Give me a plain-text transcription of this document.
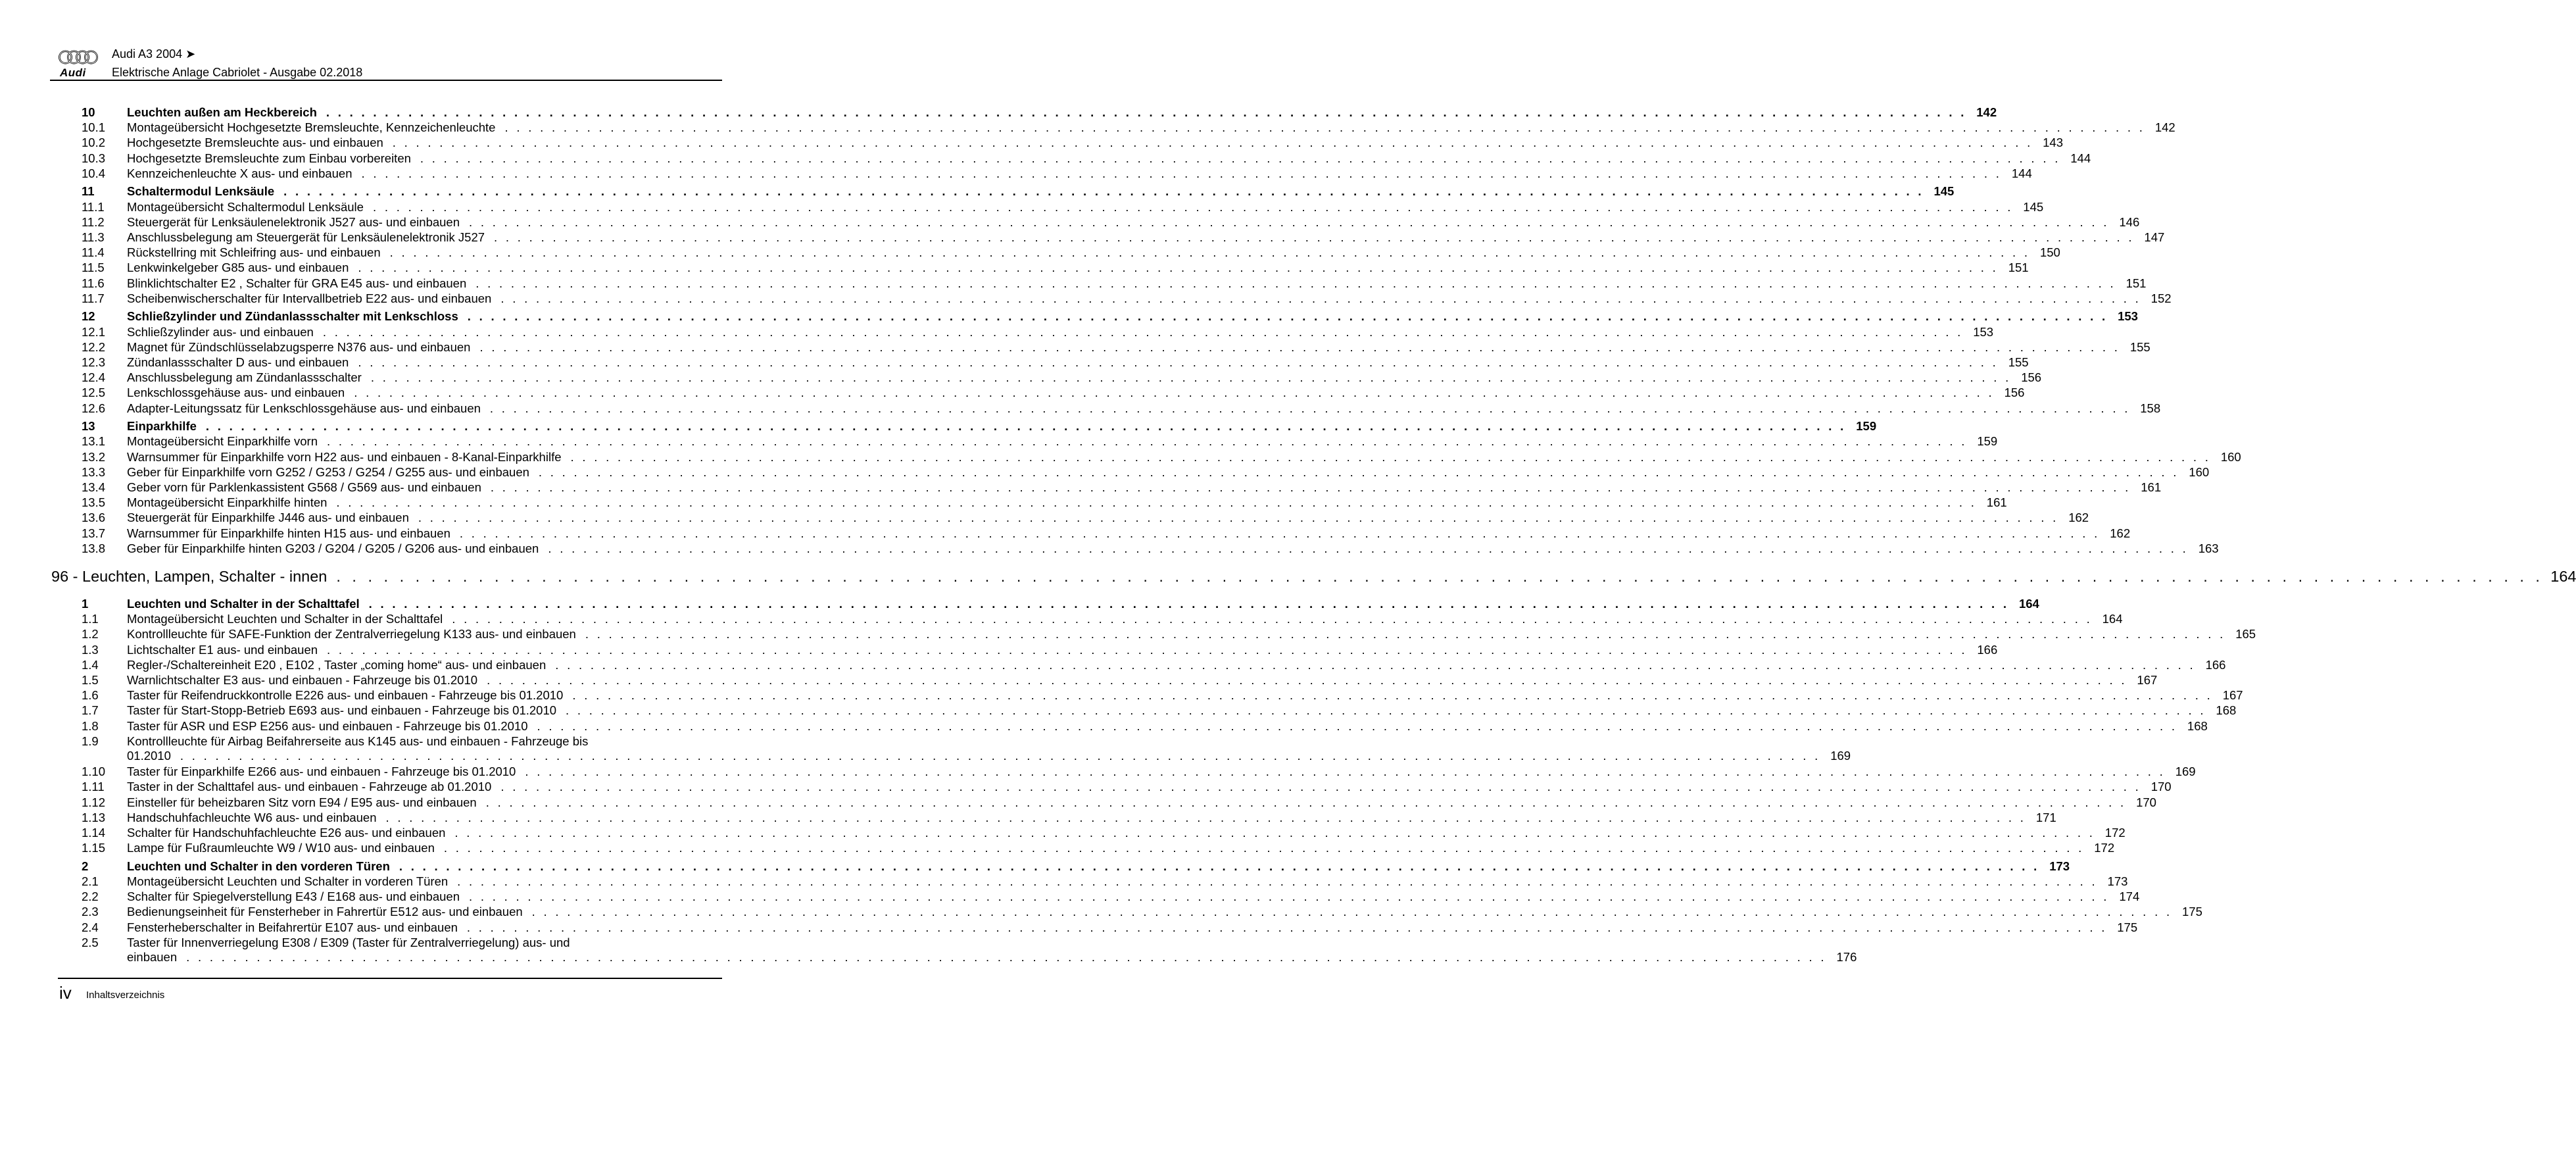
Audi
Audi A3 2004 ➤
Elektrische Anlage Cabriolet - Ausgabe 02.2018
10	Leuchten außen am Heckbereich . . . . . . . . . . . . . . . . . . . . . . . . . . . . . . . . . . . . . . . . . . . . . . . . . . . . . . . . . . . . . . . . . . . . . . . . . . . . . . . . . . . . . . . . . . . . . . . . . . . . . . . . . . . . . . . . . . . . . . . . . . . . . . . . . . . . . . . . . . . . 142
10.1	Montageübersicht Hochgesetzte Bremsleuchte, Kennzeichenleuchte . . . . . . . . . . . . . . . . . . . . . . . . . . . . . . . . . . . . . . . . . . . . . . . . . . . . . . . . . . . . . . . . . . . . . . . . . . . . . . . . . . . . . . . . . . . . . . . . . . . . . . . . . . . . . . . . . . . . . . . . . . . . . . . . . . . . . . . . . . . . 142
10.2	Hochgesetzte Bremsleuchte aus- und einbauen . . . . . . . . . . . . . . . . . . . . . . . . . . . . . . . . . . . . . . . . . . . . . . . . . . . . . . . . . . . . . . . . . . . . . . . . . . . . . . . . . . . . . . . . . . . . . . . . . . . . . . . . . . . . . . . . . . . . . . . . . . . . . . . . . . . . . . . . . . . . 143
10.3	Hochgesetzte Bremsleuchte zum Einbau vorbereiten . . . . . . . . . . . . . . . . . . . . . . . . . . . . . . . . . . . . . . . . . . . . . . . . . . . . . . . . . . . . . . . . . . . . . . . . . . . . . . . . . . . . . . . . . . . . . . . . . . . . . . . . . . . . . . . . . . . . . . . . . . . . . . . . . . . . . . . . . . . . 144
10.4	Kennzeichenleuchte X aus- und einbauen . . . . . . . . . . . . . . . . . . . . . . . . . . . . . . . . . . . . . . . . . . . . . . . . . . . . . . . . . . . . . . . . . . . . . . . . . . . . . . . . . . . . . . . . . . . . . . . . . . . . . . . . . . . . . . . . . . . . . . . . . . . . . . . . . . . . . . . . . . . . 144
11	Schaltermodul Lenksäule . . . . . . . . . . . . . . . . . . . . . . . . . . . . . . . . . . . . . . . . . . . . . . . . . . . . . . . . . . . . . . . . . . . . . . . . . . . . . . . . . . . . . . . . . . . . . . . . . . . . . . . . . . . . . . . . . . . . . . . . . . . . . . . . . . . . . . . . . . . . 145
11.1	Montageübersicht Schaltermodul Lenksäule . . . . . . . . . . . . . . . . . . . . . . . . . . . . . . . . . . . . . . . . . . . . . . . . . . . . . . . . . . . . . . . . . . . . . . . . . . . . . . . . . . . . . . . . . . . . . . . . . . . . . . . . . . . . . . . . . . . . . . . . . . . . . . . . . . . . . . . . . . . . 145
11.2	Steuergerät für Lenksäulenelektronik J527 aus- und einbauen . . . . . . . . . . . . . . . . . . . . . . . . . . . . . . . . . . . . . . . . . . . . . . . . . . . . . . . . . . . . . . . . . . . . . . . . . . . . . . . . . . . . . . . . . . . . . . . . . . . . . . . . . . . . . . . . . . . . . . . . . . . . . . . . . . . . . . . . . . . . 146
11.3	Anschlussbelegung am Steuergerät für Lenksäulenelektronik J527 . . . . . . . . . . . . . . . . . . . . . . . . . . . . . . . . . . . . . . . . . . . . . . . . . . . . . . . . . . . . . . . . . . . . . . . . . . . . . . . . . . . . . . . . . . . . . . . . . . . . . . . . . . . . . . . . . . . . . . . . . . . . . . . . . . . . . . . . . . . . 147
11.4	Rückstellring mit Schleifring aus- und einbauen . . . . . . . . . . . . . . . . . . . . . . . . . . . . . . . . . . . . . . . . . . . . . . . . . . . . . . . . . . . . . . . . . . . . . . . . . . . . . . . . . . . . . . . . . . . . . . . . . . . . . . . . . . . . . . . . . . . . . . . . . . . . . . . . . . . . . . . . . . . . 150
11.5	Lenkwinkelgeber G85 aus- und einbauen . . . . . . . . . . . . . . . . . . . . . . . . . . . . . . . . . . . . . . . . . . . . . . . . . . . . . . . . . . . . . . . . . . . . . . . . . . . . . . . . . . . . . . . . . . . . . . . . . . . . . . . . . . . . . . . . . . . . . . . . . . . . . . . . . . . . . . . . . . . . 151
11.6	Blinklichtschalter E2 , Schalter für GRA E45 aus- und einbauen . . . . . . . . . . . . . . . . . . . . . . . . . . . . . . . . . . . . . . . . . . . . . . . . . . . . . . . . . . . . . . . . . . . . . . . . . . . . . . . . . . . . . . . . . . . . . . . . . . . . . . . . . . . . . . . . . . . . . . . . . . . . . . . . . . . . . . . . . . . . 151
11.7	Scheibenwischerschalter für Intervallbetrieb E22 aus- und einbauen . . . . . . . . . . . . . . . . . . . . . . . . . . . . . . . . . . . . . . . . . . . . . . . . . . . . . . . . . . . . . . . . . . . . . . . . . . . . . . . . . . . . . . . . . . . . . . . . . . . . . . . . . . . . . . . . . . . . . . . . . . . . . . . . . . . . . . . . . . . . 152
12	Schließzylinder und Zündanlassschalter mit Lenkschloss . . . . . . . . . . . . . . . . . . . . . . . . . . . . . . . . . . . . . . . . . . . . . . . . . . . . . . . . . . . . . . . . . . . . . . . . . . . . . . . . . . . . . . . . . . . . . . . . . . . . . . . . . . . . . . . . . . . . . . . . . . . . . . . . . . . . . . . . . . . . 153
12.1	Schließzylinder aus- und einbauen . . . . . . . . . . . . . . . . . . . . . . . . . . . . . . . . . . . . . . . . . . . . . . . . . . . . . . . . . . . . . . . . . . . . . . . . . . . . . . . . . . . . . . . . . . . . . . . . . . . . . . . . . . . . . . . . . . . . . . . . . . . . . . . . . . . . . . . . . . . . 153
12.2	Magnet für Zündschlüsselabzugsperre N376 aus- und einbauen . . . . . . . . . . . . . . . . . . . . . . . . . . . . . . . . . . . . . . . . . . . . . . . . . . . . . . . . . . . . . . . . . . . . . . . . . . . . . . . . . . . . . . . . . . . . . . . . . . . . . . . . . . . . . . . . . . . . . . . . . . . . . . . . . . . . . . . . . . . . 155
12.3	Zündanlassschalter D aus- und einbauen . . . . . . . . . . . . . . . . . . . . . . . . . . . . . . . . . . . . . . . . . . . . . . . . . . . . . . . . . . . . . . . . . . . . . . . . . . . . . . . . . . . . . . . . . . . . . . . . . . . . . . . . . . . . . . . . . . . . . . . . . . . . . . . . . . . . . . . . . . . . 155
12.4	Anschlussbelegung am Zündanlassschalter . . . . . . . . . . . . . . . . . . . . . . . . . . . . . . . . . . . . . . . . . . . . . . . . . . . . . . . . . . . . . . . . . . . . . . . . . . . . . . . . . . . . . . . . . . . . . . . . . . . . . . . . . . . . . . . . . . . . . . . . . . . . . . . . . . . . . . . . . . . . 156
12.5	Lenkschlossgehäuse aus- und einbauen . . . . . . . . . . . . . . . . . . . . . . . . . . . . . . . . . . . . . . . . . . . . . . . . . . . . . . . . . . . . . . . . . . . . . . . . . . . . . . . . . . . . . . . . . . . . . . . . . . . . . . . . . . . . . . . . . . . . . . . . . . . . . . . . . . . . . . . . . . . . 156
12.6	Adapter-Leitungssatz für Lenkschlossgehäuse aus- und einbauen . . . . . . . . . . . . . . . . . . . . . . . . . . . . . . . . . . . . . . . . . . . . . . . . . . . . . . . . . . . . . . . . . . . . . . . . . . . . . . . . . . . . . . . . . . . . . . . . . . . . . . . . . . . . . . . . . . . . . . . . . . . . . . . . . . . . . . . . . . . . 158
13	Einparkhilfe . . . . . . . . . . . . . . . . . . . . . . . . . . . . . . . . . . . . . . . . . . . . . . . . . . . . . . . . . . . . . . . . . . . . . . . . . . . . . . . . . . . . . . . . . . . . . . . . . . . . . . . . . . . . . . . . . . . . . . . . . . . . . . . . . . . . . . . . . . . . 159
13.1	Montageübersicht Einparkhilfe vorn . . . . . . . . . . . . . . . . . . . . . . . . . . . . . . . . . . . . . . . . . . . . . . . . . . . . . . . . . . . . . . . . . . . . . . . . . . . . . . . . . . . . . . . . . . . . . . . . . . . . . . . . . . . . . . . . . . . . . . . . . . . . . . . . . . . . . . . . . . . . 159
13.2	Warnsummer für Einparkhilfe vorn H22 aus- und einbauen - 8-Kanal-Einparkhilfe . . . . . . . . . . . . . . . . . . . . . . . . . . . . . . . . . . . . . . . . . . . . . . . . . . . . . . . . . . . . . . . . . . . . . . . . . . . . . . . . . . . . . . . . . . . . . . . . . . . . . . . . . . . . . . . . . . . . . . . . . . . . . . . . . . . . . . . . . . . . 160
13.3	Geber für Einparkhilfe vorn G252 / G253 / G254 / G255 aus- und einbauen . . . . . . . . . . . . . . . . . . . . . . . . . . . . . . . . . . . . . . . . . . . . . . . . . . . . . . . . . . . . . . . . . . . . . . . . . . . . . . . . . . . . . . . . . . . . . . . . . . . . . . . . . . . . . . . . . . . . . . . . . . . . . . . . . . . . . . . . . . . . 160
13.4	Geber vorn für Parklenkassistent G568 / G569 aus- und einbauen . . . . . . . . . . . . . . . . . . . . . . . . . . . . . . . . . . . . . . . . . . . . . . . . . . . . . . . . . . . . . . . . . . . . . . . . . . . . . . . . . . . . . . . . . . . . . . . . . . . . . . . . . . . . . . . . . . . . . . . . . . . . . . . . . . . . . . . . . . . . 161
13.5	Montageübersicht Einparkhilfe hinten . . . . . . . . . . . . . . . . . . . . . . . . . . . . . . . . . . . . . . . . . . . . . . . . . . . . . . . . . . . . . . . . . . . . . . . . . . . . . . . . . . . . . . . . . . . . . . . . . . . . . . . . . . . . . . . . . . . . . . . . . . . . . . . . . . . . . . . . . . . . 161
13.6	Steuergerät für Einparkhilfe J446 aus- und einbauen . . . . . . . . . . . . . . . . . . . . . . . . . . . . . . . . . . . . . . . . . . . . . . . . . . . . . . . . . . . . . . . . . . . . . . . . . . . . . . . . . . . . . . . . . . . . . . . . . . . . . . . . . . . . . . . . . . . . . . . . . . . . . . . . . . . . . . . . . . . . 162
13.7	Warnsummer für Einparkhilfe hinten H15 aus- und einbauen . . . . . . . . . . . . . . . . . . . . . . . . . . . . . . . . . . . . . . . . . . . . . . . . . . . . . . . . . . . . . . . . . . . . . . . . . . . . . . . . . . . . . . . . . . . . . . . . . . . . . . . . . . . . . . . . . . . . . . . . . . . . . . . . . . . . . . . . . . . . 162
13.8	Geber für Einparkhilfe hinten G203 / G204 / G205 / G206 aus- und einbauen . . . . . . . . . . . . . . . . . . . . . . . . . . . . . . . . . . . . . . . . . . . . . . . . . . . . . . . . . . . . . . . . . . . . . . . . . . . . . . . . . . . . . . . . . . . . . . . . . . . . . . . . . . . . . . . . . . . . . . . . . . . . . . . . . . . . . . . . . . . . 163
96 - Leuchten, Lampen, Schalter - innen . . . . . . . . . . . . . . . . . . . . . . . . . . . . . . . . . . . . . . . . . . . . . . . . . . . . . . . . . . . . . . . . . . . . . . . . . . . . . . . . . . . . . . . . . . . . . . . . . . . . . . . . . . . . . . . . . . . . . . . . . . . . . . . . . . . . . . . . . . . . 164
1	Leuchten und Schalter in der Schalttafel . . . . . . . . . . . . . . . . . . . . . . . . . . . . . . . . . . . . . . . . . . . . . . . . . . . . . . . . . . . . . . . . . . . . . . . . . . . . . . . . . . . . . . . . . . . . . . . . . . . . . . . . . . . . . . . . . . . . . . . . . . . . . . . . . . . . . . . . . . . . 164
1.1	Montageübersicht Leuchten und Schalter in der Schalttafel . . . . . . . . . . . . . . . . . . . . . . . . . . . . . . . . . . . . . . . . . . . . . . . . . . . . . . . . . . . . . . . . . . . . . . . . . . . . . . . . . . . . . . . . . . . . . . . . . . . . . . . . . . . . . . . . . . . . . . . . . . . . . . . . . . . . . . . . . . . . 164
1.2	Kontrollleuchte für SAFE-Funktion der Zentralverriegelung K133 aus- und einbauen . . . . . . . . . . . . . . . . . . . . . . . . . . . . . . . . . . . . . . . . . . . . . . . . . . . . . . . . . . . . . . . . . . . . . . . . . . . . . . . . . . . . . . . . . . . . . . . . . . . . . . . . . . . . . . . . . . . . . . . . . . . . . . . . . . . . . . . . . . . . 165
1.3	Lichtschalter E1 aus- und einbauen . . . . . . . . . . . . . . . . . . . . . . . . . . . . . . . . . . . . . . . . . . . . . . . . . . . . . . . . . . . . . . . . . . . . . . . . . . . . . . . . . . . . . . . . . . . . . . . . . . . . . . . . . . . . . . . . . . . . . . . . . . . . . . . . . . . . . . . . . . . . 166
1.4	Regler-/Schaltereinheit E20 , E102 , Taster „coming home“ aus- und einbauen . . . . . . . . . . . . . . . . . . . . . . . . . . . . . . . . . . . . . . . . . . . . . . . . . . . . . . . . . . . . . . . . . . . . . . . . . . . . . . . . . . . . . . . . . . . . . . . . . . . . . . . . . . . . . . . . . . . . . . . . . . . . . . . . . . . . . . . . . . . . 166
1.5	Warnlichtschalter E3 aus- und einbauen - Fahrzeuge bis 01.2010 . . . . . . . . . . . . . . . . . . . . . . . . . . . . . . . . . . . . . . . . . . . . . . . . . . . . . . . . . . . . . . . . . . . . . . . . . . . . . . . . . . . . . . . . . . . . . . . . . . . . . . . . . . . . . . . . . . . . . . . . . . . . . . . . . . . . . . . . . . . . 167
1.6	Taster für Reifendruckkontrolle E226 aus- und einbauen - Fahrzeuge bis 01.2010 . . . . . . . . . . . . . . . . . . . . . . . . . . . . . . . . . . . . . . . . . . . . . . . . . . . . . . . . . . . . . . . . . . . . . . . . . . . . . . . . . . . . . . . . . . . . . . . . . . . . . . . . . . . . . . . . . . . . . . . . . . . . . . . . . . . . . . . . . . . . 167
1.7	Taster für Start-Stopp-Betrieb E693 aus- und einbauen - Fahrzeuge bis 01.2010 . . . . . . . . . . . . . . . . . . . . . . . . . . . . . . . . . . . . . . . . . . . . . . . . . . . . . . . . . . . . . . . . . . . . . . . . . . . . . . . . . . . . . . . . . . . . . . . . . . . . . . . . . . . . . . . . . . . . . . . . . . . . . . . . . . . . . . . . . . . . 168
1.8	Taster für ASR und ESP E256 aus- und einbauen - Fahrzeuge bis 01.2010 . . . . . . . . . . . . . . . . . . . . . . . . . . . . . . . . . . . . . . . . . . . . . . . . . . . . . . . . . . . . . . . . . . . . . . . . . . . . . . . . . . . . . . . . . . . . . . . . . . . . . . . . . . . . . . . . . . . . . . . . . . . . . . . . . . . . . . . . . . . . 168
1.9	Kontrollleuchte für Airbag Beifahrerseite aus K145 aus- und einbauen - Fahrzeuge bis
01.2010 . . . . . . . . . . . . . . . . . . . . . . . . . . . . . . . . . . . . . . . . . . . . . . . . . . . . . . . . . . . . . . . . . . . . . . . . . . . . . . . . . . . . . . . . . . . . . . . . . . . . . . . . . . . . . . . . . . . . . . . . . . . . . . . . . . . . . . . . . . . . 169
1.10	Taster für Einparkhilfe E266 aus- und einbauen - Fahrzeuge bis 01.2010 . . . . . . . . . . . . . . . . . . . . . . . . . . . . . . . . . . . . . . . . . . . . . . . . . . . . . . . . . . . . . . . . . . . . . . . . . . . . . . . . . . . . . . . . . . . . . . . . . . . . . . . . . . . . . . . . . . . . . . . . . . . . . . . . . . . . . . . . . . . . 169
1.11	Taster in der Schalttafel aus- und einbauen - Fahrzeuge ab 01.2010 . . . . . . . . . . . . . . . . . . . . . . . . . . . . . . . . . . . . . . . . . . . . . . . . . . . . . . . . . . . . . . . . . . . . . . . . . . . . . . . . . . . . . . . . . . . . . . . . . . . . . . . . . . . . . . . . . . . . . . . . . . . . . . . . . . . . . . . . . . . . 170
1.12	Einsteller für beheizbaren Sitz vorn E94 / E95 aus- und einbauen . . . . . . . . . . . . . . . . . . . . . . . . . . . . . . . . . . . . . . . . . . . . . . . . . . . . . . . . . . . . . . . . . . . . . . . . . . . . . . . . . . . . . . . . . . . . . . . . . . . . . . . . . . . . . . . . . . . . . . . . . . . . . . . . . . . . . . . . . . . . 170
1.13	Handschuhfachleuchte W6 aus- und einbauen . . . . . . . . . . . . . . . . . . . . . . . . . . . . . . . . . . . . . . . . . . . . . . . . . . . . . . . . . . . . . . . . . . . . . . . . . . . . . . . . . . . . . . . . . . . . . . . . . . . . . . . . . . . . . . . . . . . . . . . . . . . . . . . . . . . . . . . . . . . . 171
1.14	Schalter für Handschuhfachleuchte E26 aus- und einbauen . . . . . . . . . . . . . . . . . . . . . . . . . . . . . . . . . . . . . . . . . . . . . . . . . . . . . . . . . . . . . . . . . . . . . . . . . . . . . . . . . . . . . . . . . . . . . . . . . . . . . . . . . . . . . . . . . . . . . . . . . . . . . . . . . . . . . . . . . . . . 172
1.15	Lampe für Fußraumleuchte W9 / W10 aus- und einbauen . . . . . . . . . . . . . . . . . . . . . . . . . . . . . . . . . . . . . . . . . . . . . . . . . . . . . . . . . . . . . . . . . . . . . . . . . . . . . . . . . . . . . . . . . . . . . . . . . . . . . . . . . . . . . . . . . . . . . . . . . . . . . . . . . . . . . . . . . . . . 172
2	Leuchten und Schalter in den vorderen Türen . . . . . . . . . . . . . . . . . . . . . . . . . . . . . . . . . . . . . . . . . . . . . . . . . . . . . . . . . . . . . . . . . . . . . . . . . . . . . . . . . . . . . . . . . . . . . . . . . . . . . . . . . . . . . . . . . . . . . . . . . . . . . . . . . . . . . . . . . . . . 173
2.1	Montageübersicht Leuchten und Schalter in vorderen Türen . . . . . . . . . . . . . . . . . . . . . . . . . . . . . . . . . . . . . . . . . . . . . . . . . . . . . . . . . . . . . . . . . . . . . . . . . . . . . . . . . . . . . . . . . . . . . . . . . . . . . . . . . . . . . . . . . . . . . . . . . . . . . . . . . . . . . . . . . . . . 173
2.2	Schalter für Spiegelverstellung E43 / E168 aus- und einbauen . . . . . . . . . . . . . . . . . . . . . . . . . . . . . . . . . . . . . . . . . . . . . . . . . . . . . . . . . . . . . . . . . . . . . . . . . . . . . . . . . . . . . . . . . . . . . . . . . . . . . . . . . . . . . . . . . . . . . . . . . . . . . . . . . . . . . . . . . . . . 174
2.3	Bedienungseinheit für Fensterheber in Fahrertür E512 aus- und einbauen . . . . . . . . . . . . . . . . . . . . . . . . . . . . . . . . . . . . . . . . . . . . . . . . . . . . . . . . . . . . . . . . . . . . . . . . . . . . . . . . . . . . . . . . . . . . . . . . . . . . . . . . . . . . . . . . . . . . . . . . . . . . . . . . . . . . . . . . . . . . 175
2.4	Fensterheberschalter in Beifahrertür E107 aus- und einbauen . . . . . . . . . . . . . . . . . . . . . . . . . . . . . . . . . . . . . . . . . . . . . . . . . . . . . . . . . . . . . . . . . . . . . . . . . . . . . . . . . . . . . . . . . . . . . . . . . . . . . . . . . . . . . . . . . . . . . . . . . . . . . . . . . . . . . . . . . . . . 175
2.5	Taster für Innenverriegelung E308 / E309 (Taster für Zentralverriegelung) aus- und
einbauen . . . . . . . . . . . . . . . . . . . . . . . . . . . . . . . . . . . . . . . . . . . . . . . . . . . . . . . . . . . . . . . . . . . . . . . . . . . . . . . . . . . . . . . . . . . . . . . . . . . . . . . . . . . . . . . . . . . . . . . . . . . . . . . . . . . . . . . . . . . . 176
iv Inhaltsverzeichnis
